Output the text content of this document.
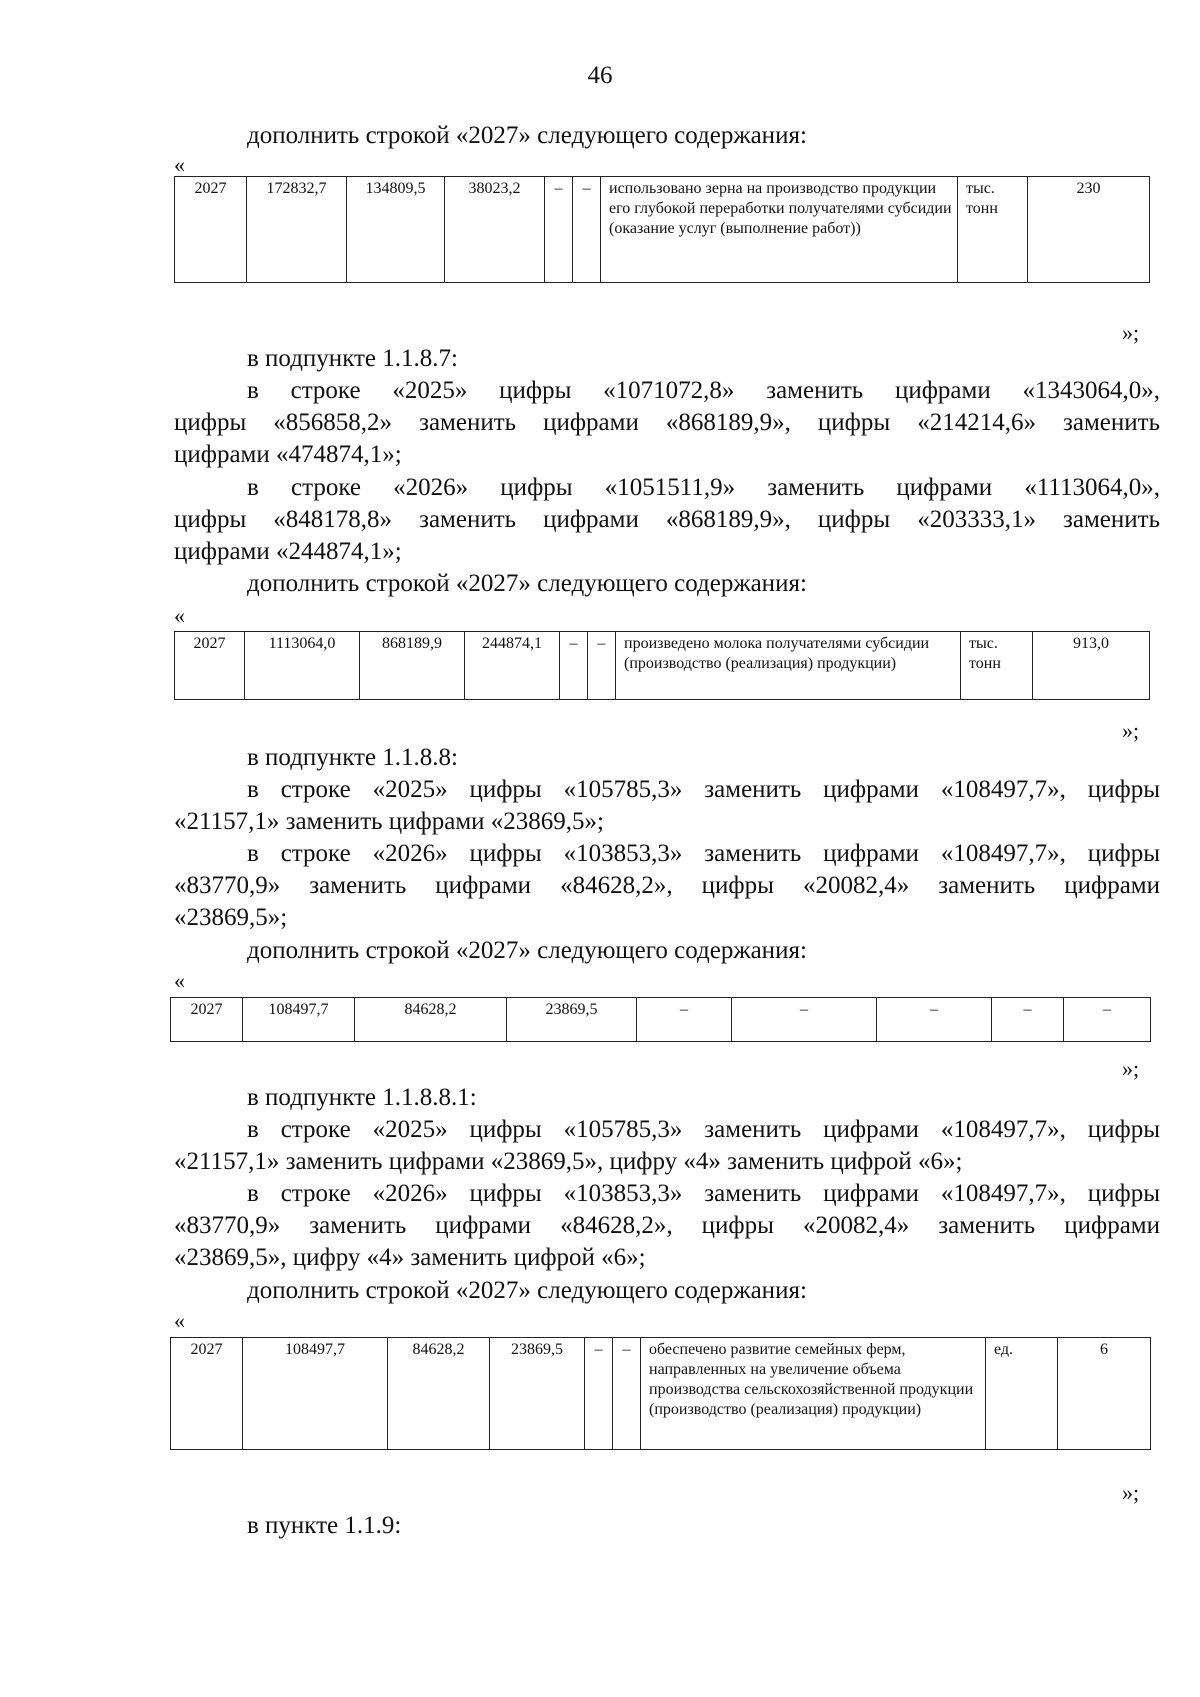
46
дополнить строкой «2027» следующего содержания:
«
2027	172832,7	134809,5	38023,2	–	–	использовано зерна на производство продукции его глубокой переработки получателями субсидии (оказание услуг (выполнение работ))	тыс. тонн	230
»;
в подпункте 1.1.8.7:
в строке «2025» цифры «1071072,8» заменить цифрами «1343064,0»,
цифры «856858,2» заменить цифрами «868189,9», цифры «214214,6» заменить
цифрами «474874,1»;
в строке «2026» цифры «1051511,9» заменить цифрами «1113064,0»,
цифры «848178,8» заменить цифрами «868189,9», цифры «203333,1» заменить
цифрами «244874,1»;
дополнить строкой «2027» следующего содержания:
«
2027	1113064,0	868189,9	244874,1	–	–	произведено молока получателями субсидии (производство (реализация) продукции)	тыс. тонн	913,0
»;
в подпункте 1.1.8.8:
в строке «2025» цифры «105785,3» заменить цифрами «108497,7», цифры
«21157,1» заменить цифрами «23869,5»;
в строке «2026» цифры «103853,3» заменить цифрами «108497,7», цифры
«83770,9» заменить цифрами «84628,2», цифры «20082,4» заменить цифрами
«23869,5»;
дополнить строкой «2027» следующего содержания:
«
2027	108497,7	84628,2	23869,5	–	–	–	–	–
»;
в подпункте 1.1.8.8.1:
в строке «2025» цифры «105785,3» заменить цифрами «108497,7», цифры
«21157,1» заменить цифрами «23869,5», цифру «4» заменить цифрой «6»;
в строке «2026» цифры «103853,3» заменить цифрами «108497,7», цифры
«83770,9» заменить цифрами «84628,2», цифры «20082,4» заменить цифрами
«23869,5», цифру «4» заменить цифрой «6»;
дополнить строкой «2027» следующего содержания:
«
2027	108497,7	84628,2	23869,5	–	–	обеспечено развитие семейных ферм, направленных на увеличение объема производства сельскохозяйственной продукции (производство (реализация) продукции)	ед.	6
»;
в пункте 1.1.9:
